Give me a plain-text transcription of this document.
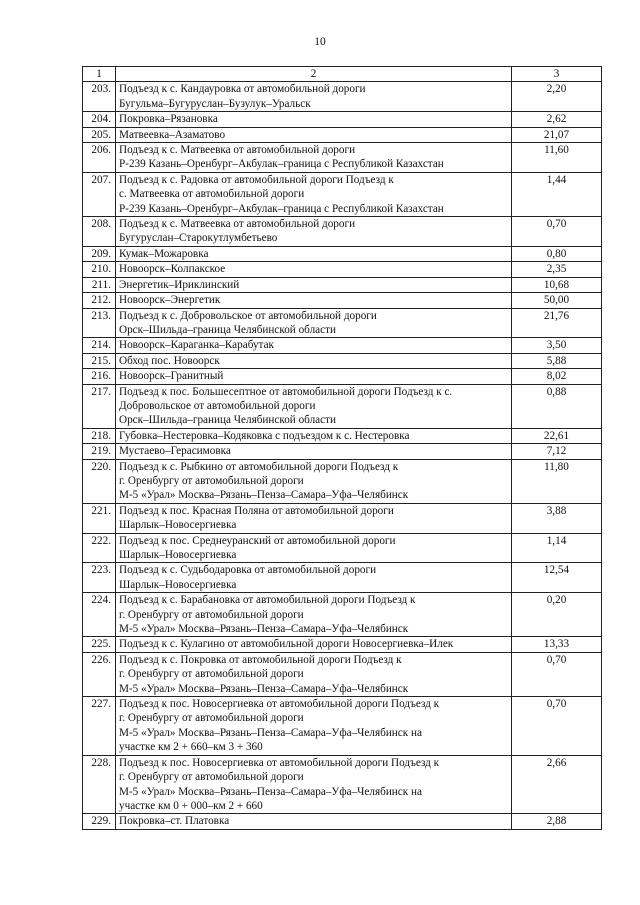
10
1	2	3
203.	Подъезд к с. Кандауровка от автомобильной дороги
Бугульма–Бугуруслан–Бузулук–Уральск	2,20
204.	Покровка–Рязановка	2,62
205.	Матвеевка–Азаматово	21,07
206.	Подъезд к с. Матвеевка от автомобильной дороги
Р-239 Казань–Оренбург–Акбулак–граница с Республикой Казахстан	11,60
207.	Подъезд к с. Радовка от автомобильной дороги Подъезд к
с. Матвеевка от автомобильной дороги
Р-239 Казань–Оренбург–Акбулак–граница с Республикой Казахстан	1,44
208.	Подъезд к с. Матвеевка от автомобильной дороги
Бугуруслан–Старокутлумбетьево	0,70
209.	Кумак–Можаровка	0,80
210.	Новоорск–Колпакское	2,35
211.	Энергетик–Ириклинский	10,68
212.	Новоорск–Энергетик	50,00
213.	Подъезд к с. Добровольское от автомобильной дороги
Орск–Шильда–граница Челябинской области	21,76
214.	Новоорск–Караганка–Карабутак	3,50
215.	Обход пос. Новоорск	5,88
216.	Новоорск–Гранитный	8,02
217.	Подъезд к пос. Большесептное от автомобильной дороги Подъезд к с.
Добровольское от автомобильной дороги
Орск–Шильда–граница Челябинской области	0,88
218.	Губовка–Нестеровка–Кодяковка с подъездом к с. Нестеровка	22,61
219.	Мустаево–Герасимовка	7,12
220.	Подъезд к с. Рыбкино от автомобильной дороги Подъезд к
г. Оренбургу от автомобильной дороги
М-5 «Урал» Москва–Рязань–Пенза–Самара–Уфа–Челябинск	11,80
221.	Подъезд к пос. Красная Поляна от автомобильной дороги
Шарлык–Новосергиевка	3,88
222.	Подъезд к пос. Среднеуранский от автомобильной дороги
Шарлык–Новосергиевка	1,14
223.	Подъезд к с. Судьбодаровка от автомобильной дороги
Шарлык–Новосергиевка	12,54
224.	Подъезд к с. Барабановка от автомобильной дороги Подъезд к
г. Оренбургу от автомобильной дороги
М-5 «Урал» Москва–Рязань–Пенза–Самара–Уфа–Челябинск	0,20
225.	Подъезд к с. Кулагино от автомобильной дороги Новосергиевка–Илек	13,33
226.	Подъезд к с. Покровка от автомобильной дороги Подъезд к
г. Оренбургу от автомобильной дороги
М-5 «Урал» Москва–Рязань–Пенза–Самара–Уфа–Челябинск	0,70
227.	Подъезд к пос. Новосергиевка от автомобильной дороги Подъезд к
г. Оренбургу от автомобильной дороги
М-5 «Урал» Москва–Рязань–Пенза–Самара–Уфа–Челябинск на
участке км 2 + 660–км 3 + 360	0,70
228.	Подъезд к пос. Новосергиевка от автомобильной дороги Подъезд к
г. Оренбургу от автомобильной дороги
М-5 «Урал» Москва–Рязань–Пенза–Самара–Уфа–Челябинск на
участке км 0 + 000–км 2 + 660	2,66
229.	Покровка–ст. Платовка	2,88
